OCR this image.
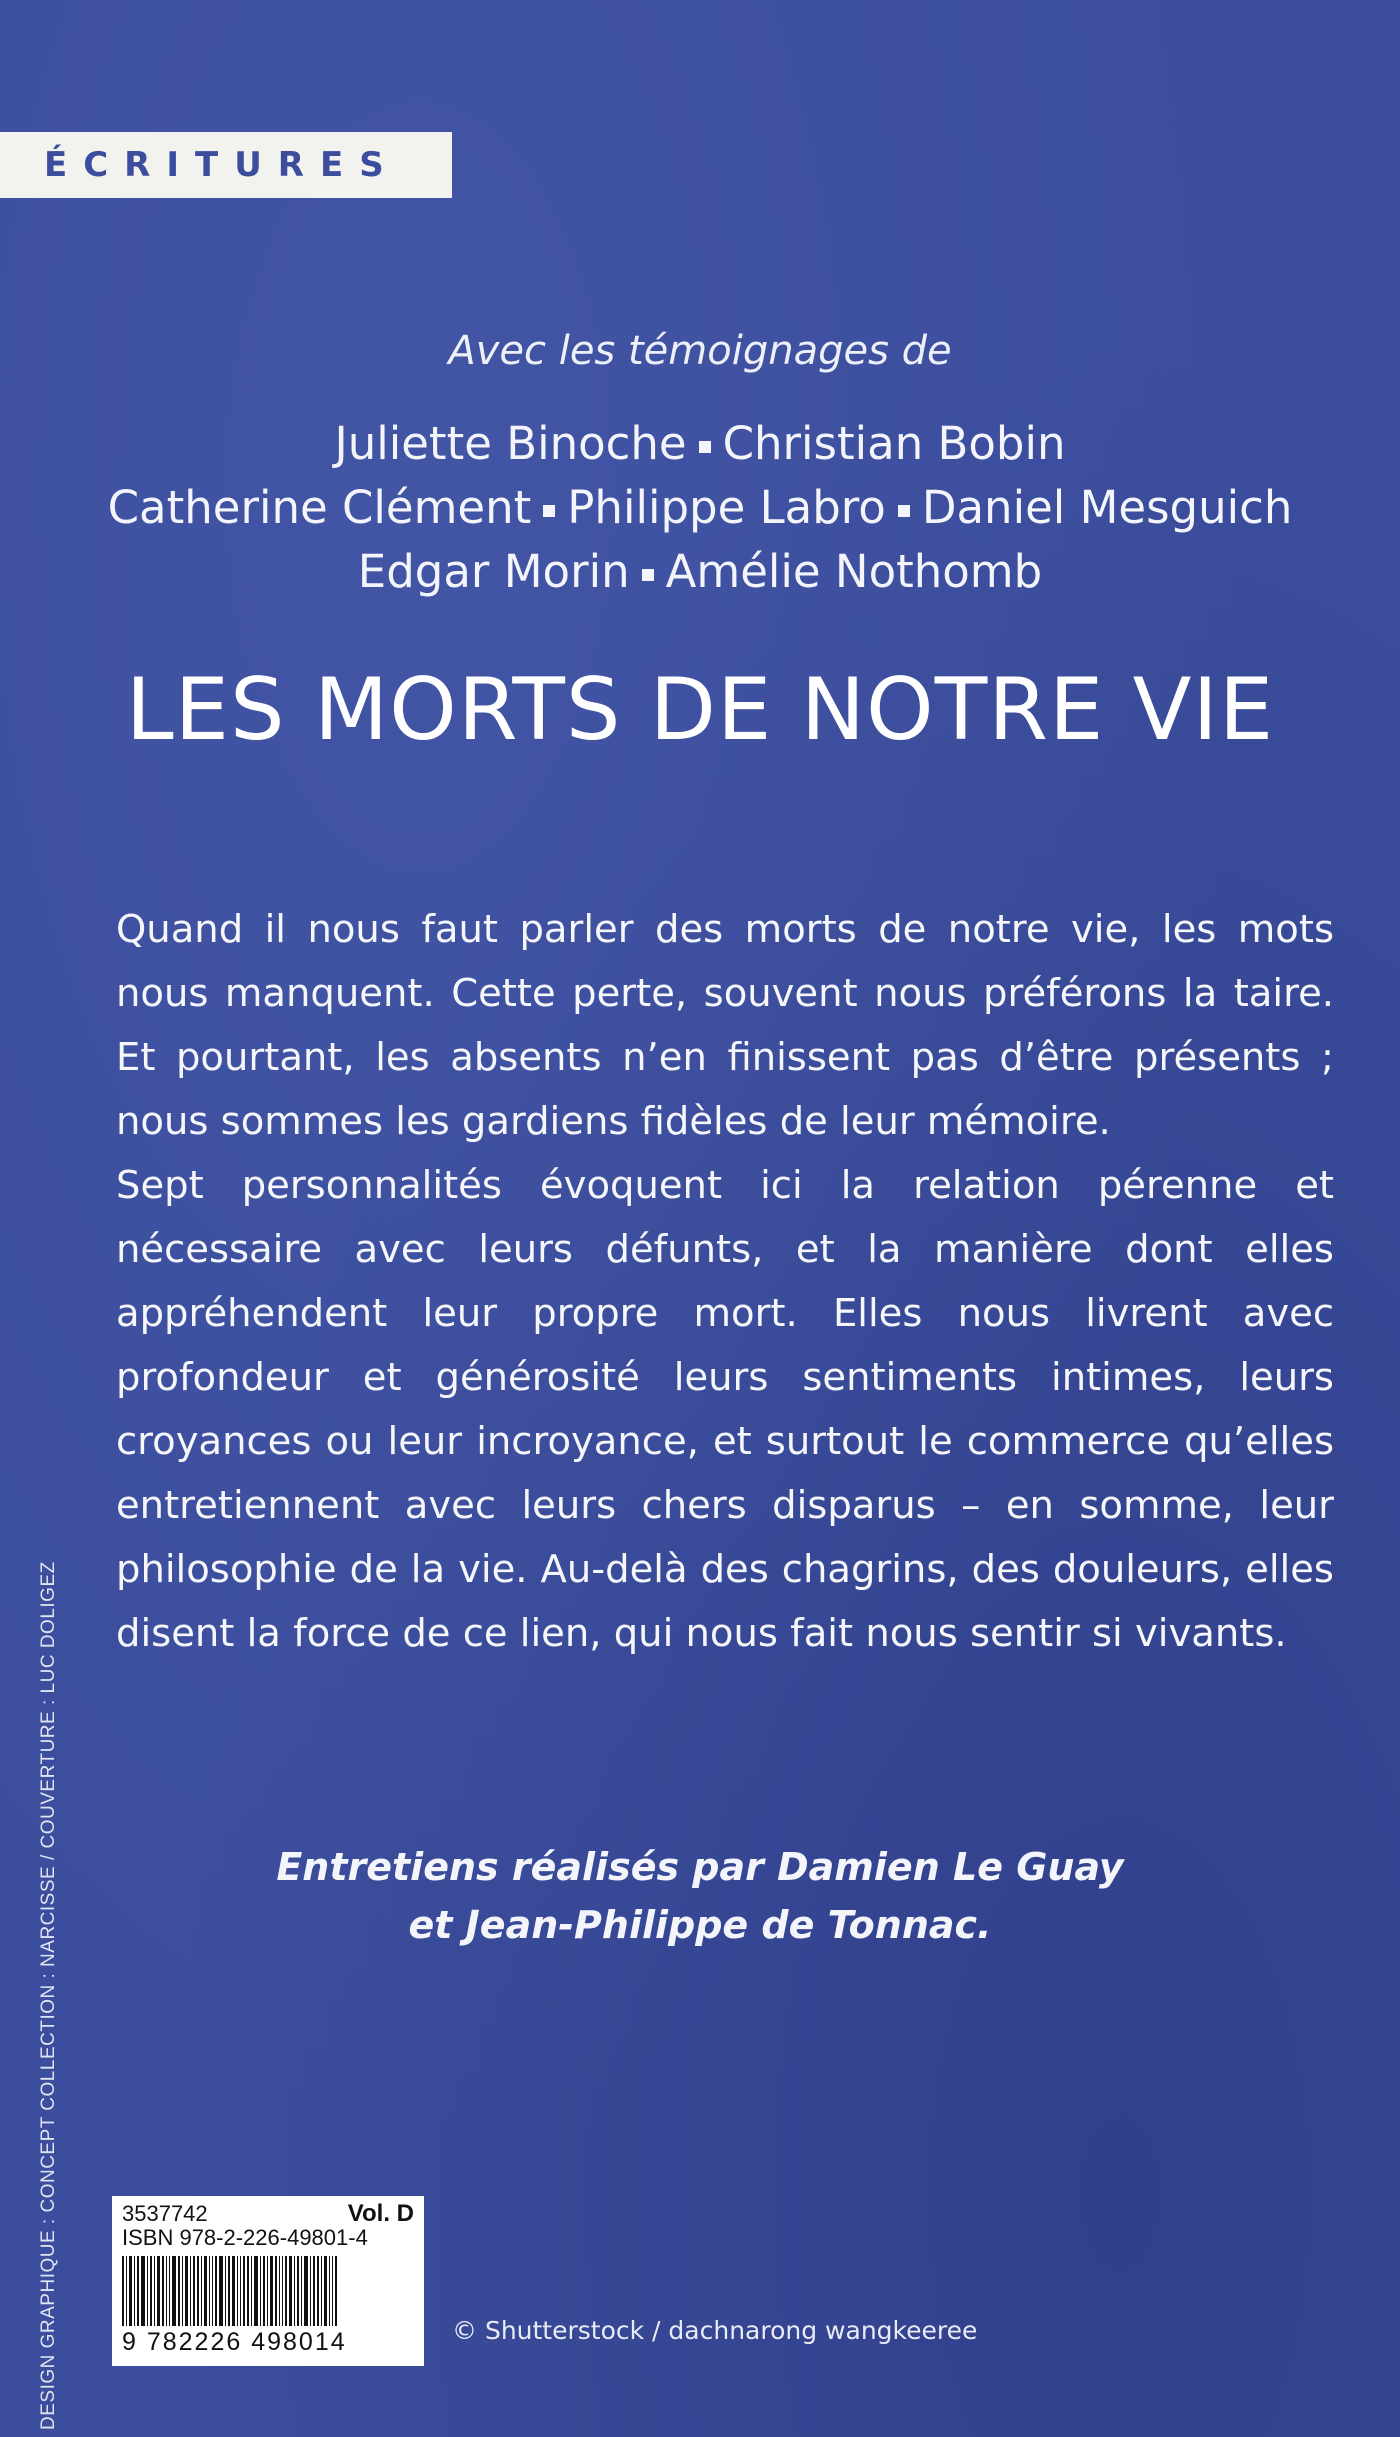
ÉCRITURES
Avec les témoignages de
Juliette Binoche Christian Bobin
Catherine Clément Philippe Labro Daniel Mesguich
Edgar Morin Amélie Nothomb
LES MORTS DE NOTRE VIE

Quand il nous faut parler des morts de notre vie, les mots nous manquent. Cette perte, souvent nous préférons la taire. Et pourtant, les absents n’en finissent pas d’être présents ; nous sommes les gardiens fidèles de leur mémoire.

Sept personnalités évoquent ici la relation pérenne et nécessaire avec leurs défunts, et la manière dont elles appréhendent leur propre mort. Elles nous livrent avec profondeur et générosité leurs sentiments intimes, leurs croyances ou leur incroyance, et surtout le commerce qu’elles entretiennent avec leurs chers disparus – en somme, leur philosophie de la vie. Au-delà des chagrins, des douleurs, elles disent la force de ce lien, qui nous fait nous sentir si vivants.

Entretiens réalisés par Damien Le Guay
et Jean-Philippe de Tonnac.
DESIGN GRAPHIQUE : CONCEPT COLLECTION : NARCISSE / COUVERTURE : LUC DOLIGEZ	3537742	Vol. D
ISBN 978-2-226-49801-4
9 782226 498014	© Shutterstock / dachnarong wangkeeree
